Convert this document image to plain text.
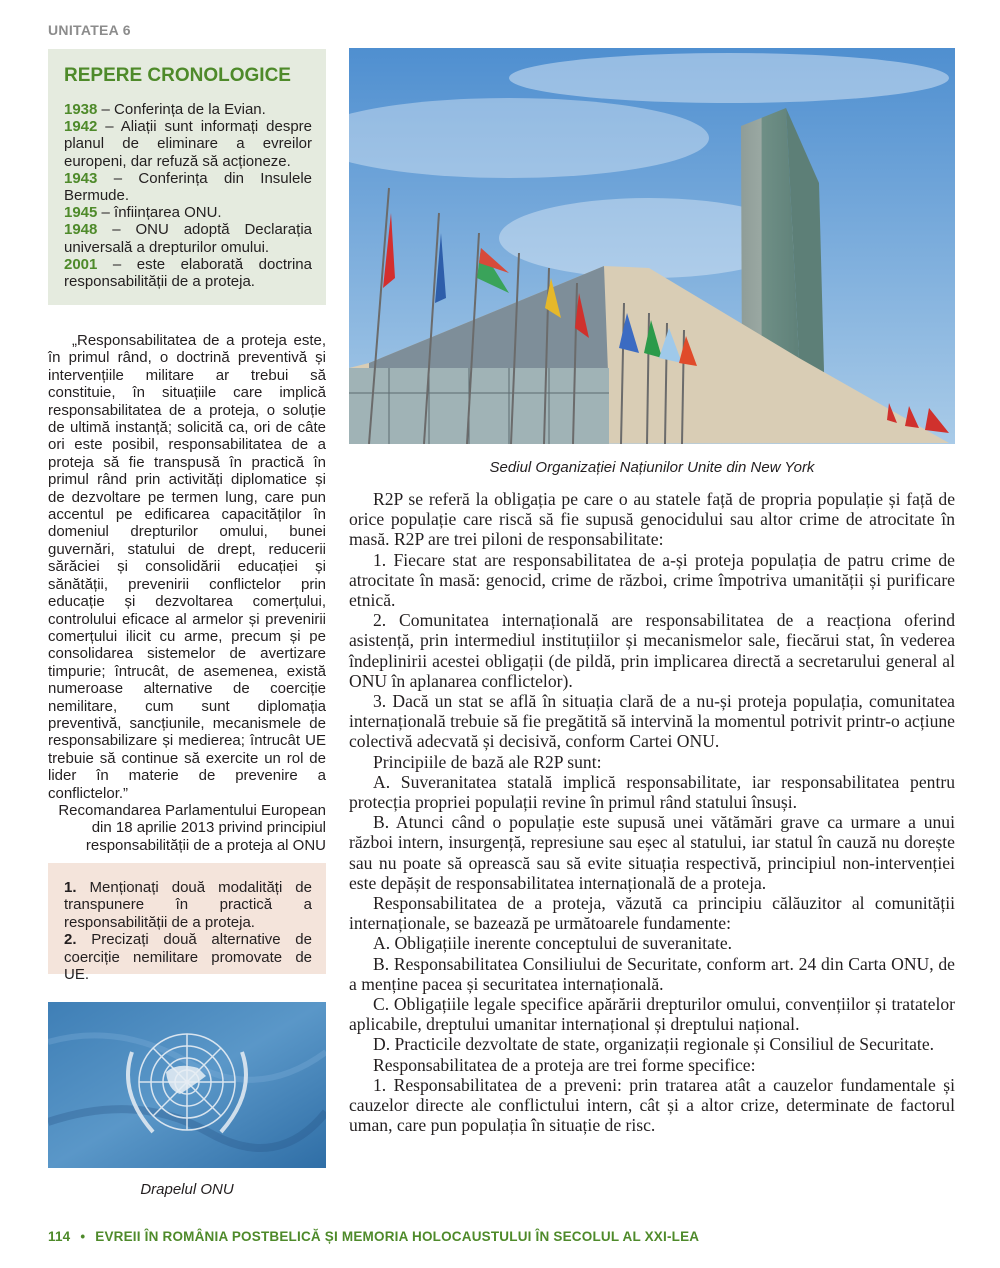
UNITATEA 6
REPERE CRONOLOGICE

1938 – Conferința de la Evian.

1942 – Aliații sunt informați despre planul de eliminare a evreilor europeni, dar refuză să acționeze.

1943 – Conferința din Insulele Bermude.

1945 – înființarea ONU.

1948 – ONU adoptă Declarația universală a drepturilor omului.

2001 – este elaborată doctrina responsabilității de a proteja.

„Responsabilitatea de a proteja este, în primul rând, o doctrină preventivă și intervențiile militare ar trebui să constituie, în situațiile care implică responsabilitatea de a proteja, o soluție de ultimă instanță; solicită ca, ori de câte ori este posibil, responsabilitatea de a proteja să fie transpusă în practică în primul rând prin activități diplomatice și de dezvoltare pe termen lung, care pun accentul pe edificarea capacităților în domeniul drepturilor omului, bunei guvernări, statului de drept, reducerii sărăciei și consolidării educației și sănătății, prevenirii conflictelor prin educație și dezvoltarea comerțului, controlului eficace al armelor și prevenirii comerțului ilicit cu arme, precum și pe consolidarea sistemelor de avertizare timpurie; întrucât, de asemenea, există numeroase alternative de coerciție nemilitare, cum sunt diplomația preventivă, sancțiunile, mecanismele de responsabilizare și medierea; întrucât UE trebuie să continue să exercite un rol de lider în materie de prevenire a conflictelor.”

Recomandarea Parlamentului European
din 18 aprilie 2013 privind principiul
responsabilității de a proteja al ONU

1. Menționați două modalități de transpunere în practică a responsabilității de a proteja.

2. Precizați două alternative de coerciție nemilitare promovate de UE.

Drapelul ONU
Sediul Organizației Națiunilor Unite din New York

R2P se referă la obligația pe care o au statele față de propria populație și față de orice populație care riscă să fie supusă genocidului sau altor crime de atrocitate în masă. R2P are trei piloni de responsabilitate:

1. Fiecare stat are responsabilitatea de a-și proteja populația de patru crime de atrocitate în masă: genocid, crime de război, crime împotriva umanității și purificare etnică.

2. Comunitatea internațională are responsabilitatea de a reacționa oferind asistență, prin intermediul instituțiilor și mecanismelor sale, fiecărui stat, în vederea îndeplinirii acestei obligații (de pildă, prin implicarea directă a secretarului general al ONU în aplanarea conflictelor).

3. Dacă un stat se află în situația clară de a nu-și proteja populația, comunitatea internațională trebuie să fie pregătită să intervină la momentul potrivit printr-o acțiune colectivă adecvată și decisivă, conform Cartei ONU.

Principiile de bază ale R2P sunt:

A. Suveranitatea statală implică responsabilitate, iar responsabilitatea pentru protecția propriei populații revine în primul rând statului însuși.

B. Atunci când o populație este supusă unei vătămări grave ca urmare a unui război intern, insurgență, represiune sau eșec al statului, iar statul în cauză nu dorește sau nu poate să oprească sau să evite situația respectivă, principiul non-intervenției este depășit de responsabilitatea internațională de a proteja.

Responsabilitatea de a proteja, văzută ca principiu călăuzitor al comunității internaționale, se bazează pe următoarele fundamente:

A. Obligațiile inerente conceptului de suveranitate.

B. Responsabilitatea Consiliului de Securitate, conform art. 24 din Carta ONU, de a menține pacea și securitatea internațională.

C. Obligațiile legale specifice apărării drepturilor omului, convențiilor și tratatelor aplicabile, dreptului umanitar internațional și dreptului național.

D. Practicile dezvoltate de state, organizații regionale și Consiliul de Securitate.

Responsabilitatea de a proteja are trei forme specifice:

1. Responsabilitatea de a preveni: prin tratarea atât a cauzelor fundamentale și cauzelor directe ale conflictului intern, cât și a altor crize, determinate de factorul uman, care pun populația în situație de risc.

114 • EVREII ÎN ROMÂNIA POSTBELICĂ ȘI MEMORIA HOLOCAUSTULUI ÎN SECOLUL AL XXI-LEA
